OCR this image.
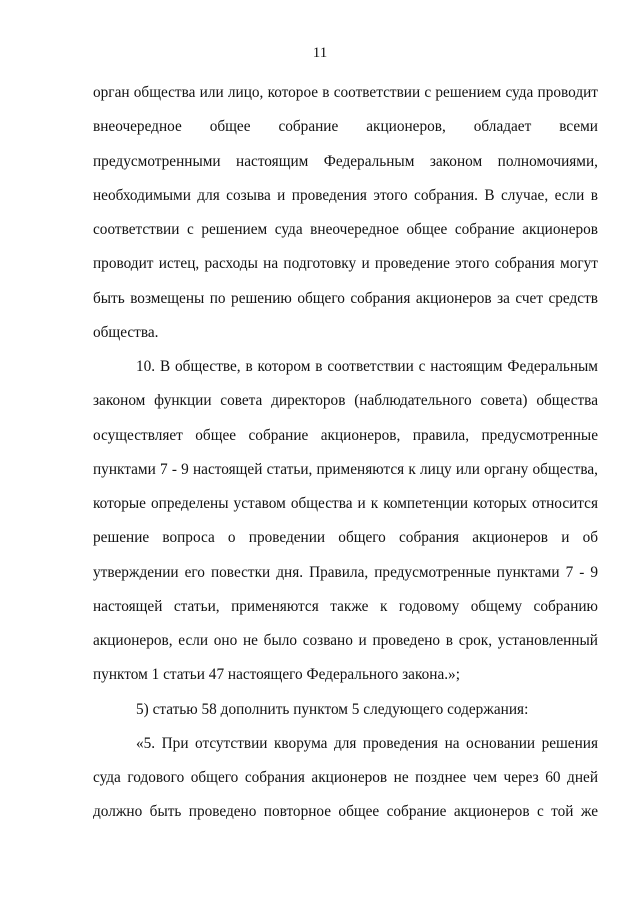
11
орган общества или лицо, которое в соответствии с решением суда проводит
внеочередное общее собрание акционеров, обладает всеми
предусмотренными настоящим Федеральным законом полномочиями,
необходимыми для созыва и проведения этого собрания. В случае, если в
соответствии с решением суда внеочередное общее собрание акционеров
проводит истец, расходы на подготовку и проведение этого собрания могут
быть возмещены по решению общего собрания акционеров за счет средств
общества.
10. В обществе, в котором в соответствии с настоящим Федеральным
законом функции совета директоров (наблюдательного совета) общества
осуществляет общее собрание акционеров, правила, предусмотренные
пунктами 7 - 9 настоящей статьи, применяются к лицу или органу общества,
которые определены уставом общества и к компетенции которых относится
решение вопроса о проведении общего собрания акционеров и об
утверждении его повестки дня. Правила, предусмотренные пунктами 7 - 9
настоящей статьи, применяются также к годовому общему собранию
акционеров, если оно не было созвано и проведено в срок, установленный
пунктом 1 статьи 47 настоящего Федерального закона.»;
5) статью 58 дополнить пунктом 5 следующего содержания:
«5. При отсутствии кворума для проведения на основании решения
суда годового общего собрания акционеров не позднее чем через 60 дней
должно быть проведено повторное общее собрание акционеров с той же
